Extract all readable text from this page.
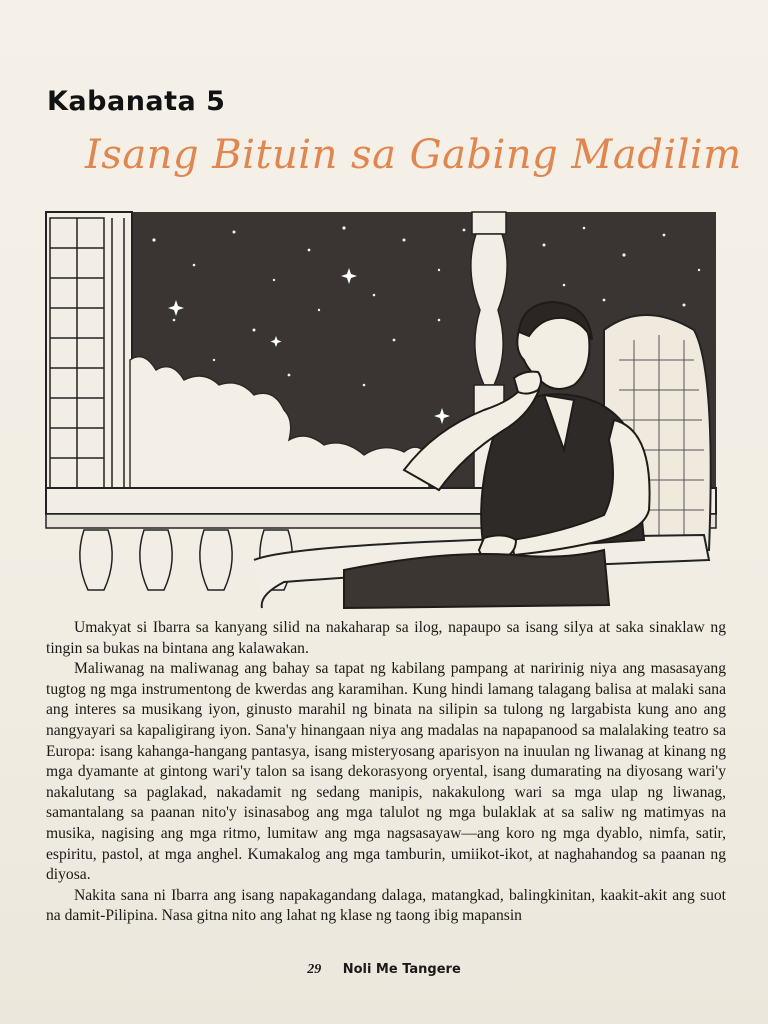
Kabanata 5
Isang Bituin sa Gabing Madilim

Umakyat si Ibarra sa kanyang silid na nakaharap sa ilog, napaupo sa isang silya at saka sinaklaw ng tingin sa bukas na bintana ang kalawakan.

Maliwanag na maliwanag ang bahay sa tapat ng kabilang pampang at naririnig niya ang masasayang tugtog ng mga instrumentong de kwerdas ang karamihan. Kung hindi lamang talagang balisa at malaki sana ang interes sa musikang iyon, ginusto marahil ng binata na silipin sa tulong ng largabista kung ano ang nangyayari sa kapaligirang iyon. Sana'y hinangaan niya ang madalas na napapanood sa malalaking teatro sa Europa: isang kahanga-hangang pantasya, isang misteryosang aparisyon na inuulan ng liwanag at kinang ng mga dyamante at gintong wari'y talon sa isang dekorasyong oryental, isang dumarating na diyosang wari'y nakalutang sa paglakad, nakadamit ng sedang manipis, nakakulong wari sa mga ulap ng liwanag, samantalang sa paanan nito'y isinasabog ang mga talulot ng mga bulaklak at sa saliw ng matimyas na musika, nagising ang mga ritmo, lumitaw ang mga nagsasayaw—ang koro ng mga dyablo, nimfa, satir, espiritu, pastol, at mga anghel. Kumakalog ang mga tamburin, umiikot-ikot, at naghahandog sa paanan ng diyosa.

Nakita sana ni Ibarra ang isang napakagandang dalaga, matangkad, balingkinitan, kaakit-akit ang suot na damit-Pilipina. Nasa gitna nito ang lahat ng klase ng taong ibig mapansin

29 Noli Me Tangere
